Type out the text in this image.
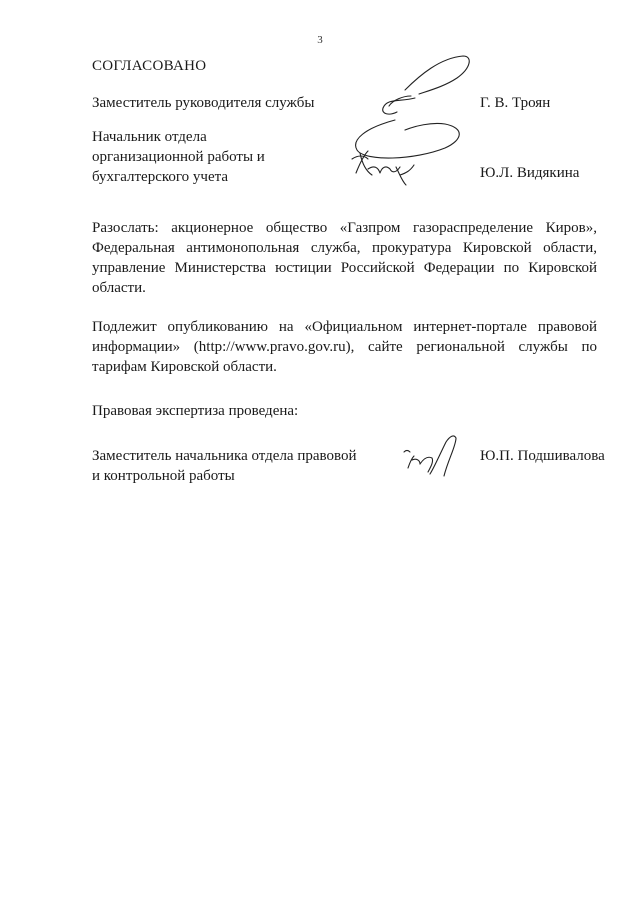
3
СОГЛАСОВАНО
Заместитель руководителя службы	Г. В. Троян
Начальник отдела
организационной работы и
бухгалтерского учета	Ю.Л. Видякина
Разослать: акционерное общество «Газпром газораспределение Киров», Федеральная антимонопольная служба, прокуратура Кировской области, управление Министерства юстиции Российской Федерации по Кировской области.
Подлежит опубликованию на «Официальном интернет-портале правовой информации» (http://www.pravo.gov.ru), сайте региональной службы по тарифам Кировской области.
Правовая экспертиза проведена:
Заместитель начальника отдела правовой
и контрольной работы
Ю.П. Подшивалова
